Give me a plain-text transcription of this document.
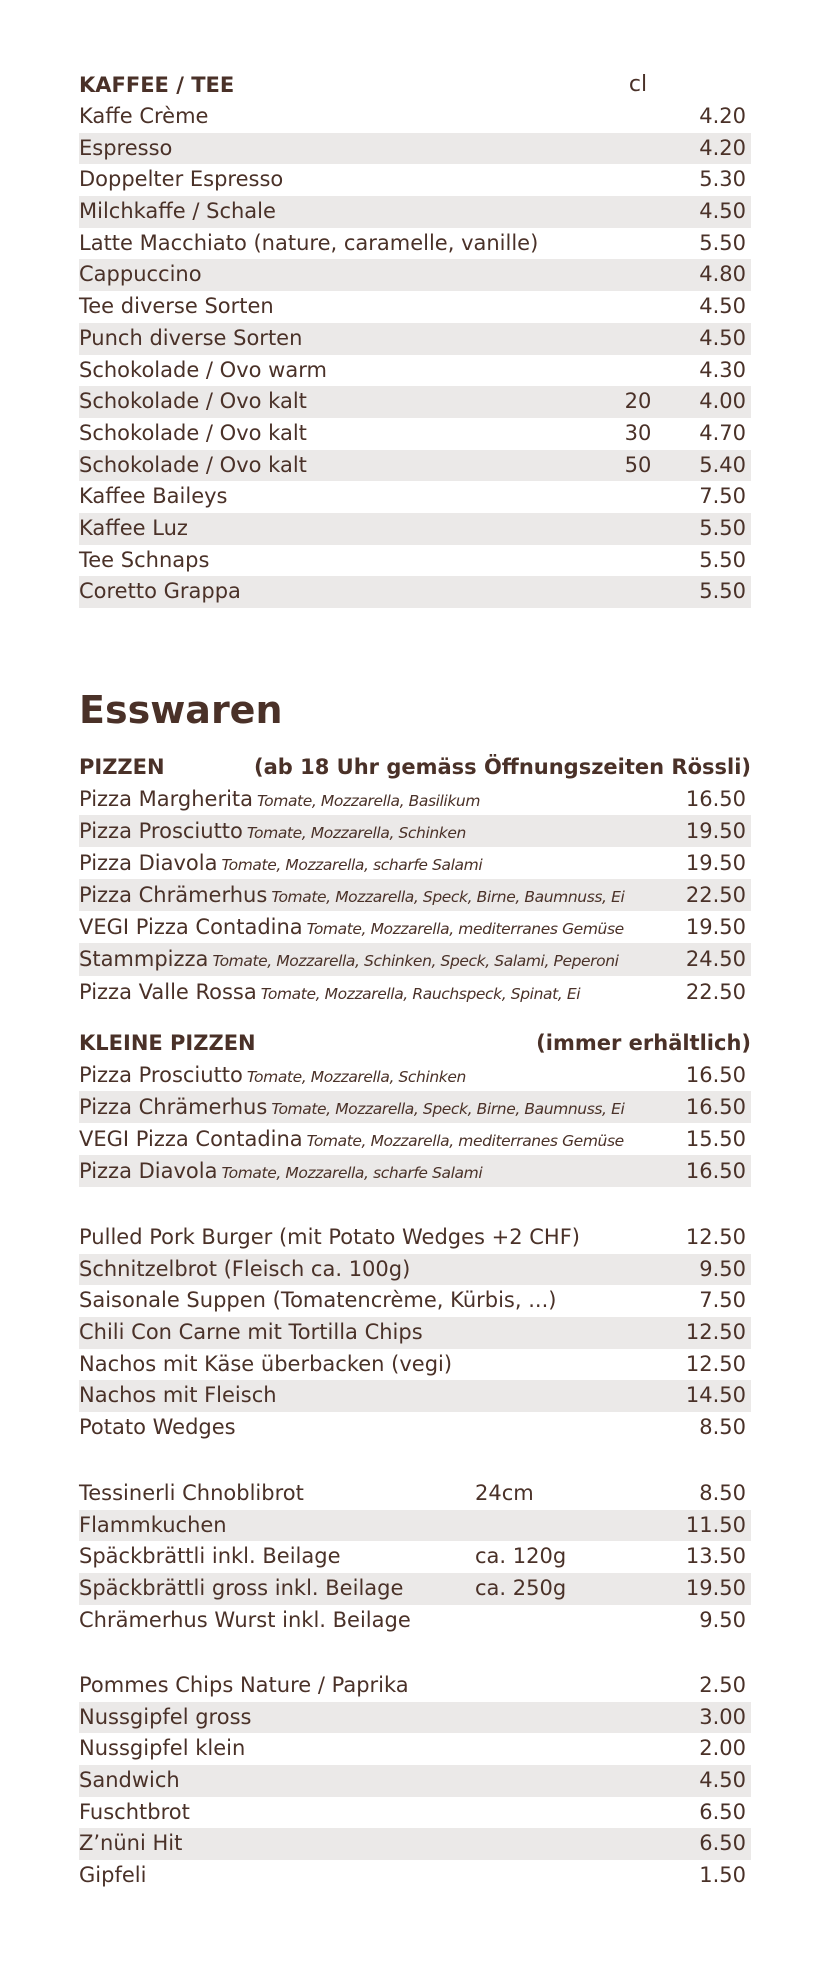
KAFFEE / TEE	cl
Kaffe Crème	4.20
Espresso	4.20
Doppelter Espresso	5.30
Milchkaffe / Schale	4.50
Latte Macchiato (nature, caramelle, vanille)	5.50
Cappuccino	4.80
Tee diverse Sorten	4.50
Punch diverse Sorten	4.50
Schokolade / Ovo warm	4.30
Schokolade / Ovo kalt	20	4.00
Schokolade / Ovo kalt	30	4.70
Schokolade / Ovo kalt	50	5.40
Kaffee Baileys	7.50
Kaffee Luz	5.50
Tee Schnaps	5.50
Coretto Grappa	5.50
Esswaren
PIZZEN	(ab 18 Uhr gemäss Öffnungszeiten Rössli)
Pizza Margherita Tomate, Mozzarella, Basilikum	16.50
Pizza Prosciutto Tomate, Mozzarella, Schinken	19.50
Pizza Diavola Tomate, Mozzarella, scharfe Salami	19.50
Pizza Chrämerhus Tomate, Mozzarella, Speck, Birne, Baumnuss, Ei	22.50
VEGI Pizza Contadina Tomate, Mozzarella, mediterranes Gemüse	19.50
Stammpizza Tomate, Mozzarella, Schinken, Speck, Salami, Peperoni	24.50
Pizza Valle Rossa Tomate, Mozzarella, Rauchspeck, Spinat, Ei	22.50
KLEINE PIZZEN	(immer erhältlich)
Pizza Prosciutto Tomate, Mozzarella, Schinken	16.50
Pizza Chrämerhus Tomate, Mozzarella, Speck, Birne, Baumnuss, Ei	16.50
VEGI Pizza Contadina Tomate, Mozzarella, mediterranes Gemüse	15.50
Pizza Diavola Tomate, Mozzarella, scharfe Salami	16.50
Pulled Pork Burger (mit Potato Wedges +2 CHF)	12.50
Schnitzelbrot (Fleisch ca. 100g)	9.50
Saisonale Suppen (Tomatencrème, Kürbis, ...)	7.50
Chili Con Carne mit Tortilla Chips	12.50
Nachos mit Käse überbacken (vegi)	12.50
Nachos mit Fleisch	14.50
Potato Wedges	8.50
Tessinerli Chnoblibrot	24cm	8.50
Flammkuchen	11.50
Späckbrättli inkl. Beilage	ca. 120g	13.50
Späckbrättli gross inkl. Beilage	ca. 250g	19.50
Chrämerhus Wurst inkl. Beilage	9.50
Pommes Chips Nature / Paprika	2.50
Nussgipfel gross	3.00
Nussgipfel klein	2.00
Sandwich	4.50
Fuschtbrot	6.50
Z’nüni Hit	6.50
Gipfeli	1.50
